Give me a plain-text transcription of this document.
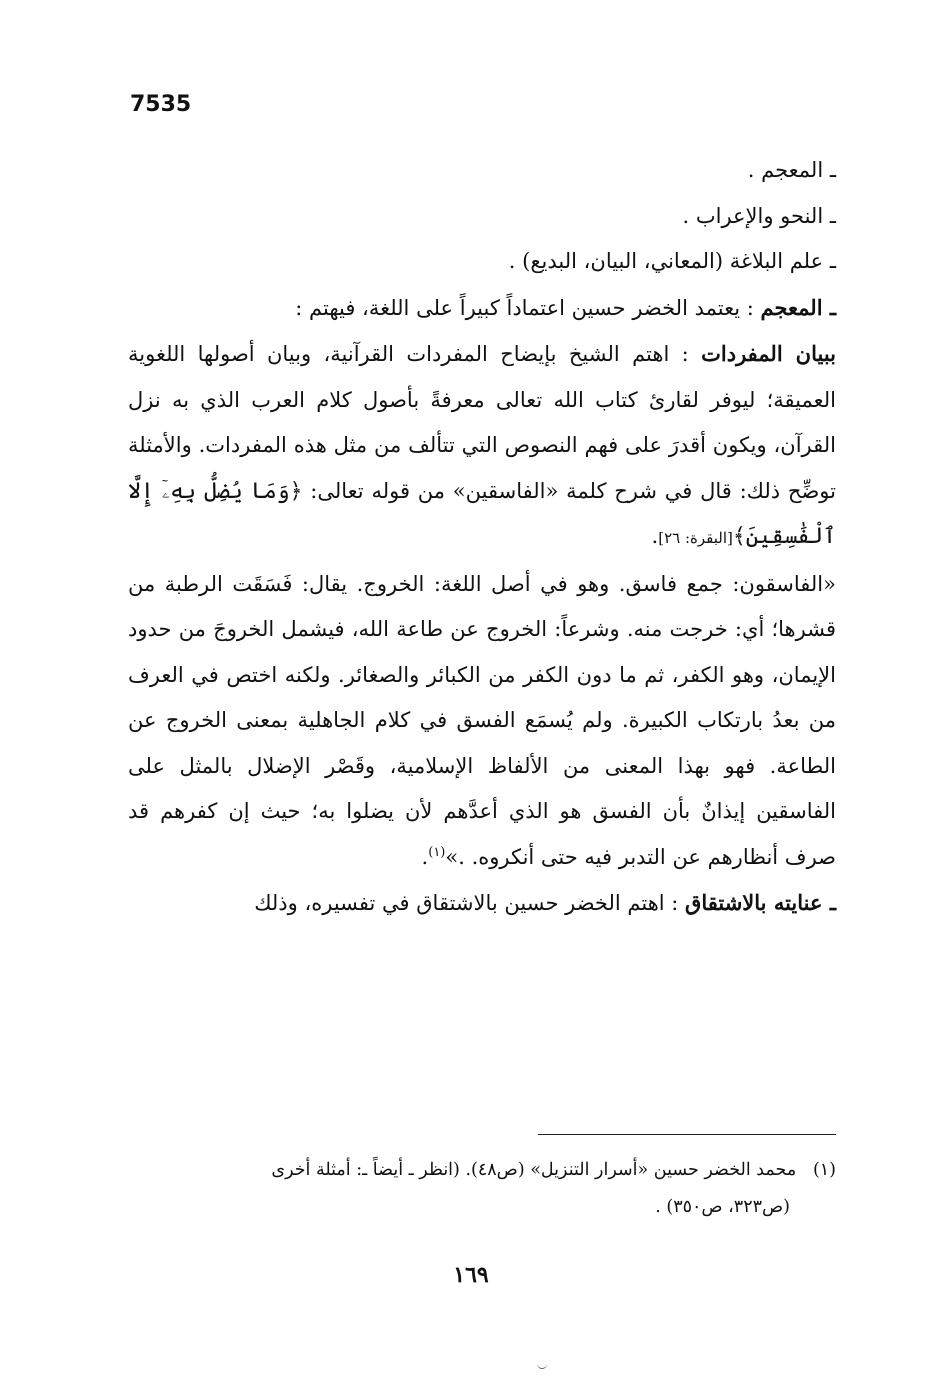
7535

ـ المعجم .

ـ النحو والإعراب .

ـ علم البلاغة (المعاني، البيان، البديع) .

ـ المعجم : يعتمد الخضر حسين اعتماداً كبيراً على اللغة، فيهتم :

ببيان المفردات : اهتم الشيخ بإيضاح المفردات القرآنية، وبيان أصولها اللغوية العميقة؛ ليوفر لقارئ كتاب الله تعالى معرفةً بأصول كلام العرب الذي به نزل القرآن، ويكون أقدرَ على فهم النصوص التي تتألف من مثل هذه المفردات. والأمثلة توضِّح ذلك: قال في شرح كلمة «الفاسقين» من قوله تعالى: ﴿وَمَا يُضِلُّ بِهِۦٓ إِلَّا ٱلْفَٰسِقِينَ﴾[البقرة: ٢٦].

«الفاسقون: جمع فاسق. وهو في أصل اللغة: الخروج. يقال: فَسَقَت الرطبة من قشرها؛ أي: خرجت منه. وشرعاً: الخروج عن طاعة الله، فيشمل الخروجَ من حدود الإيمان، وهو الكفر، ثم ما دون الكفر من الكبائر والصغائر. ولكنه اختص في العرف من بعدُ بارتكاب الكبيرة. ولم يُسمَع الفسق في كلام الجاهلية بمعنى الخروج عن الطاعة. فهو بهذا المعنى من الألفاظ الإسلامية، وقَصْر الإضلال بالمثل على الفاسقين إيذانٌ بأن الفسق هو الذي أعدَّهم لأن يضلوا به؛ حيث إن كفرهم قد صرف أنظارهم عن التدبر فيه حتى أنكروه. .»$^{(١)}$.

ـ عنايته بالاشتقاق : اهتم الخضر حسين بالاشتقاق في تفسيره، وذلك

(١)   محمد الخضر حسين «أسرار التنزيل» (ص٤٨). (انظر ـ أيضاً ـ: أمثلة أخرى

(ص٣٢٣، ص٣٥٠) .

١٦٩
